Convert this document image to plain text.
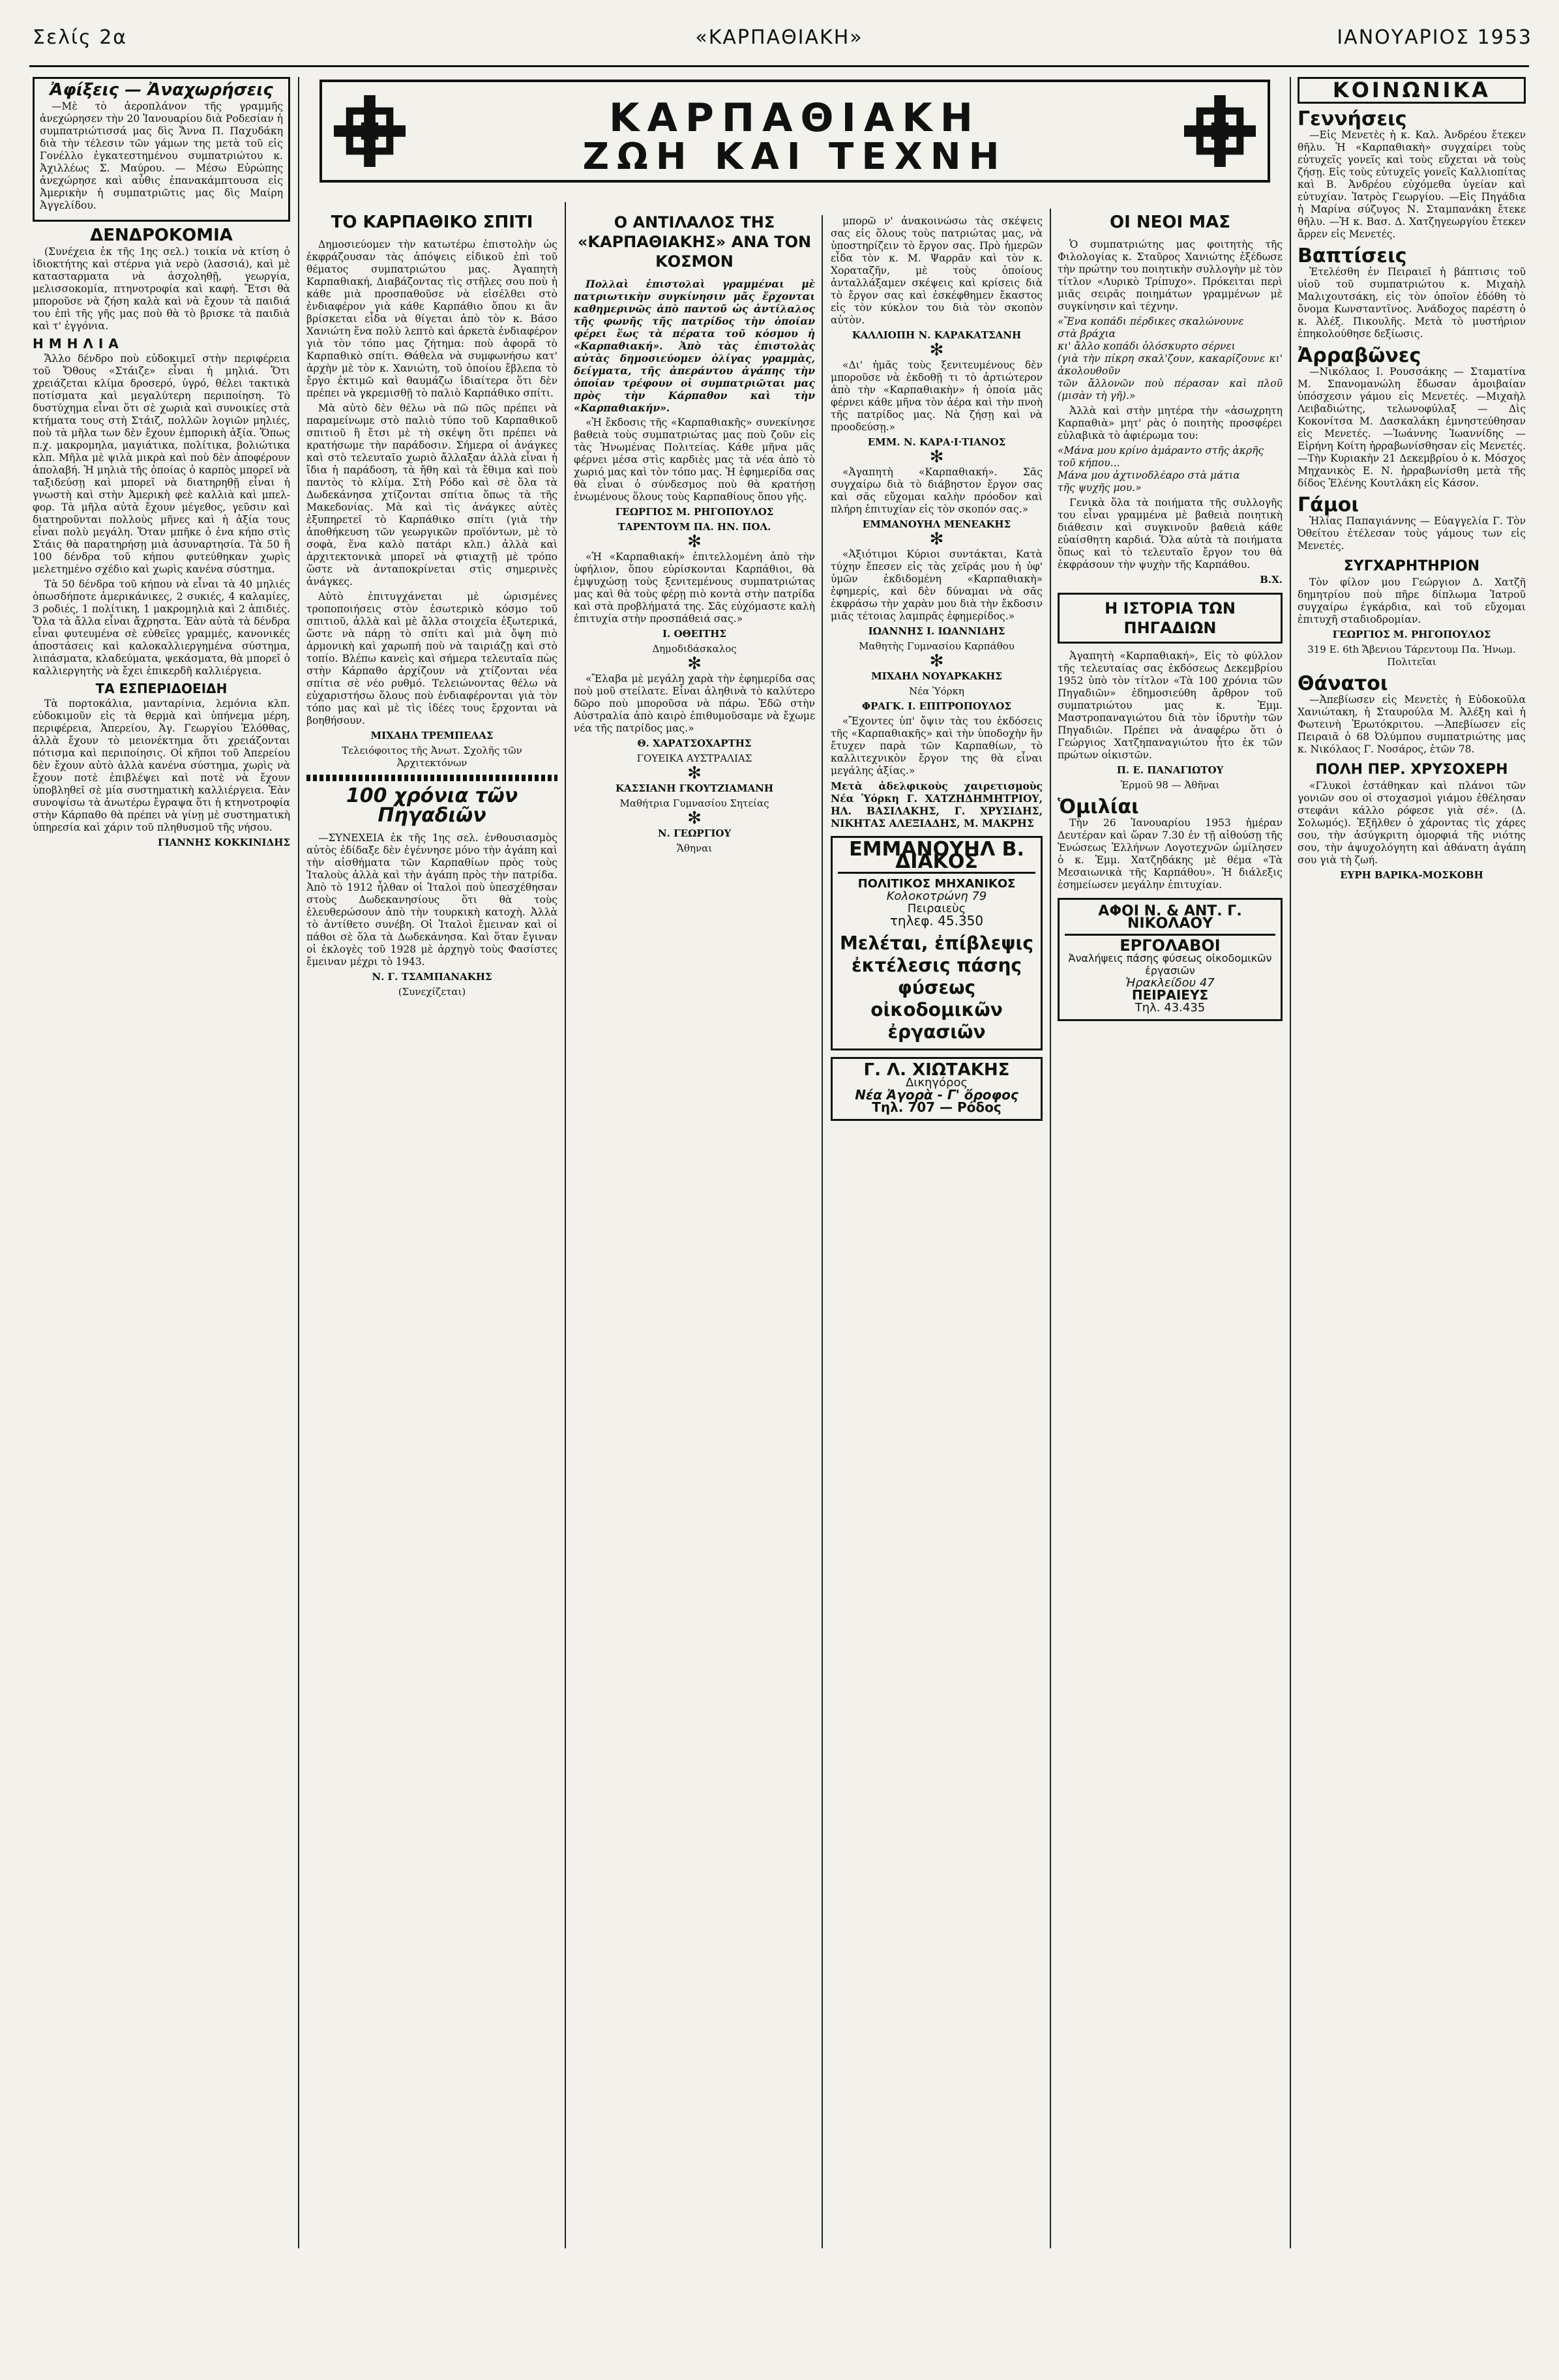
Σελίς 2α	«ΚΑΡΠΑΘΙΑΚΗ»	ΙΑΝΟΥΑΡΙΟΣ 1953
ΚΑΡΠΑΘΙΑΚΗ
ΖΩΗ ΚΑΙ ΤΕΧΝΗ
Ἀφίξεις — Ἀναχωρήσεις

—Μὲ τὸ ἀεροπλάνον τῆς γραμμῆς ἀνεχώρησεν τὴν 20 Ἰανουαρίου διὰ Ροδεσίαν ἡ συμπατριώτισσά μας δὶς Ἄννα Π. Παχυδάκη διὰ τὴν τέλεσιν τῶν γάμων της μετὰ τοῦ εἰς Γονέλλο ἐγκατεστημένου συμπατριώτου κ. Ἀχιλλέως Σ. Μαύρου. — Μέσω Εὐρώπης ἀνεχώρησε καὶ αὖθις ἐπανακάμπτουσα εἰς Ἀμερικὴν ἡ συμπατριῶτις μας δὶς Μαίρη Ἀγγελίδου.

ΔΕΝΔΡΟΚΟΜΙΑ

(Συνέχεια ἐκ τῆς 1ης σελ.) τοικία νὰ κτίση ὁ ἰδιοκτήτης καὶ στέρνα γιὰ νερὸ (λασσιά), καὶ μὲ κατασταρματα νὰ ἀσχοληθῇ, γεωργία, μελισσοκομία, πτηνοτροφία καὶ καφή. Ἔτσι θὰ μποροῦσε νὰ ζήση καλὰ καὶ νὰ ἔχουν τὰ παιδιά του ἐπὶ τῆς γῆς μας ποὺ θὰ τὸ βρισκε τὰ παιδιὰ καὶ τ' ἐγγόνια.

ΗΜΗΛΙΑ

Ἄλλο δένδρο ποὺ εὐδοκιμεῖ στὴν περιφέρεια τοῦ Ὄθους «Στάιζε» εἶναι ἡ μηλιά. Ὅτι χρειάζεται κλίμα δροσερό, ὑγρό, θέλει τακτικὰ ποτίσματα καὶ μεγαλύτερη περιποίηση. Τὸ δυστύχημα εἶναι ὅτι σὲ χωριὰ καὶ συνοικίες στὰ κτήματα τους στὴ Στάιζ, πολλῶν λογιῶν μηλιές, ποὺ τὰ μῆλα των δὲν ἔχουν ἐμπορικὴ ἀξία. Ὅπως π.χ. μακρομηλα, μαγιάτικα, πολίτικα, βολιώτικα κλπ. Μῆλα μὲ ψιλὰ μικρὰ καὶ ποὺ δὲν ἀποφέρουν ἀπολαβή. Ἡ μηλιὰ τῆς ὁποίας ὁ καρπὸς μπορεῖ νὰ ταξιδεύσῃ καὶ μπορεῖ νὰ διατηρηθῇ εἶναι ἡ γνωστὴ καὶ στὴν Ἀμερικὴ φεὲ καλλιὰ καὶ μπελ-φορ. Τὰ μῆλα αὐτὰ ἔχουν μέγεθος, γεῦσιν καὶ διατηροῦνται πολλοὺς μῆνες καὶ ἡ ἀξία τους εἶναι πολὺ μεγάλη. Ὅταν μπῆκε ὁ ἐνα κήπο στὶς Στάις θὰ παρατηρήσῃ μιὰ ἀσυναρτησία. Τὰ 50 ἢ 100 δένδρα τοῦ κήπου φυτεύθηκαν χωρὶς μελετημένο σχέδιο καὶ χωρὶς κανένα σύστημα.

Τὰ 50 δένδρα τοῦ κήπου νὰ εἶναι τὰ 40 μηλιές ὁπωσδήποτε ἀμερικάνικες, 2 συκιές, 4 καλαμίες, 3 ροδιές, 1 πολίτικη, 1 μακρομηλιὰ καὶ 2 ἀπιδιές. Ὅλα τὰ ἄλλα εἶναι ἄχρηστα. Ἐὰν αὐτὰ τὰ δένδρα εἶναι φυτευμένα σὲ εὐθεῖες γραμμές, κανονικές ἀποστάσεις καὶ καλοκαλλιεργημένα σύστημα, λιπάσματα, κλαδεύματα, ψεκάσματα, θὰ μπορεῖ ὁ καλλιεργητὴς νὰ ἔχει ἐπικερδῆ καλλιέργεια.

ΤΑ ΕΣΠΕΡΙΔΟΕΙΔΗ

Τὰ πορτοκάλια, μανταρίνια, λεμόνια κλπ. εὐδοκιμοῦν εἰς τὰ θερμὰ καὶ ὑπήνεμα μέρη, περιφέρεια, Ἀπερείου, Ἀγ. Γεωργίου Ἐλόθθας, ἀλλὰ ἔχουν τὸ μειονέκτημα ὅτι χρειάζονται πότισμα καὶ περιποίησις. Οἱ κῆποι τοῦ Ἀπερείου δὲν ἔχουν αὐτὸ ἀλλὰ κανένα σύστημα, χωρὶς νὰ ἔχουν ποτὲ ἐπιβλέψει καὶ ποτὲ νὰ ἔχουν ὑποβληθεῖ σὲ μία συστηματικὴ καλλιέργεια. Ἐὰν συνοψίσω τὰ ἀνωτέρω ἔγραψα ὅτι ἡ κτηνοτροφία στὴν Κάρπαθο θὰ πρέπει νὰ γίνῃ μὲ συστηματικὴ ὑπηρεσία καὶ χάριν τοῦ πληθυσμοῦ τῆς νήσου.

ΓΙΑΝΝΗΣ ΚΟΚΚΙΝΙΔΗΣ
ΤΟ ΚΑΡΠΑΘΙΚΟ ΣΠΙΤΙ

Δημοσιεύομεν τὴν κατωτέρω ἐπιστολὴν ὡς ἐκφράζουσαν τὰς ἀπόψεις εἰδικοῦ ἐπὶ τοῦ θέματος συμπατριώτου μας. Ἀγαπητὴ Καρπαθιακή, Διαβάζοντας τὶς στῆλες σου ποὺ ἡ κάθε μιὰ προσπαθοῦσε νὰ εἰσέλθει στὸ ἐνδιαφέρον γιὰ κάθε Καρπάθιο ὅπου κι ἂν βρίσκεται εἶδα νὰ θίγεται ἀπὸ τὸν κ. Βάσο Χανιώτη ἕνα πολὺ λεπτὸ καὶ ἀρκετὰ ἐνδιαφέρον γιὰ τὸν τόπο μας ζήτημα: ποὺ ἀφορᾶ τὸ Καρπαθικὸ σπίτι. Θάθελα νὰ συμφωνήσω κατ' ἀρχὴν μὲ τὸν κ. Χανιώτη, τοῦ ὁποίου ἔβλεπα τὸ ἔργο ἐκτιμῶ καὶ θαυμάζω ἰδιαίτερα ὅτι δὲν πρέπει νὰ γκρεμισθῇ τὸ παλιὸ Καρπάθικο σπίτι.

Μὰ αὐτὸ δὲν θέλω νὰ πῶ πῶς πρέπει νὰ παραμείνωμε στὸ παλιὸ τύπο τοῦ Καρπαθικοῦ σπιτιοῦ ἢ ἔτσι μὲ τὴ σκέψη ὅτι πρέπει νὰ κρατήσωμε τὴν παράδοσιν. Σήμερα οἱ ἀνάγκες καὶ στὸ τελευταῖο χωριὸ ἄλλαξαν ἀλλὰ εἶναι ἡ ἴδια ἡ παράδοση, τὰ ἤθη καὶ τὰ ἔθιμα καὶ ποὺ παντὸς τὸ κλίμα. Στὴ Ρόδο καὶ σὲ ὅλα τὰ Δωδεκάνησα χτίζονται σπίτια ὅπως τὰ τῆς Μακεδονίας. Μὰ καὶ τὶς ἀνάγκες αὐτὲς ἐξυπηρετεῖ τὸ Καρπάθικο σπίτι (γιὰ τὴν ἀποθήκευση τῶν γεωργικῶν προϊόντων, μὲ τὸ σοφὰ, ἕνα καλὸ πατάρι κλπ.) ἀλλὰ καὶ ἀρχιτεκτονικὰ μπορεῖ νὰ φτιαχτῇ μὲ τρόπο ὥστε νὰ ἀνταποκρίνεται στὶς σημερινὲς ἀνάγκες.

Αὐτὸ ἐπιτυγχάνεται μὲ ὡρισμένες τροποποιήσεις στὸν ἐσωτερικὸ κόσμο τοῦ σπιτιοῦ, ἀλλὰ καὶ μὲ ἄλλα στοιχεῖα ἐξωτερικά, ὥστε νὰ πάρῃ τὸ σπίτι καὶ μιὰ ὄψη πιὸ ἁρμονικὴ καὶ χαρωπή ποὺ νὰ ταιριάζῃ καὶ στὸ τοπίο. Βλέπω κανεὶς καὶ σήμερα τελευταῖα πὼς στὴν Κάρπαθο ἀρχίζουν νὰ χτίζονται νέα σπίτια σὲ νέο ρυθμό. Τελειώνοντας θέλω νὰ εὐχαριστήσω ὅλους ποὺ ἐνδιαφέρονται γιὰ τὸν τόπο μας καὶ μὲ τὶς ἰδέες τους ἔρχονται νὰ βοηθήσουν.

ΜΙΧΑΗΛ ΤΡΕΜΠΕΛΑΣ
Τελειόφοιτος τῆς Ἀνωτ. Σχολῆς τῶν Ἀρχιτεκτόνων
100 χρόνια τῶν Πηγαδιῶν

—ΣΥΝΕΧΕΙΑ ἐκ τῆς 1ης σελ. ἐνθουσιασμὸς αὐτὸς ἐδίδαξε δὲν ἐγέννησε μόνο τὴν ἀγάπη καὶ τὴν αἰσθήματα τῶν Καρπαθίων πρὸς τοὺς Ἰταλοὺς ἀλλὰ καὶ τὴν ἀγάπη πρὸς τὴν πατρίδα. Ἀπὸ τὸ 1912 ἦλθαν οἱ Ἰταλοὶ ποὺ ὑπεσχέθησαν στοὺς Δωδεκανησίους ὅτι θὰ τοὺς ἐλευθερώσουν ἀπὸ τὴν τουρκικὴ κατοχὴ. Ἀλλὰ τὸ ἀντίθετο συνέβη. Οἱ Ἰταλοὶ ἔμειναν καὶ οἱ πάθοι σὲ ὅλα τὰ Δωδεκάνησα. Καὶ ὅταν ἔγιναν οἱ ἐκλογὲς τοῦ 1928 μὲ ἀρχηγὸ τοὺς Φασίστες ἔμειναν μέχρι τὸ 1943.

Ν. Γ. ΤΣΑΜΠΑΝΑΚΗΣ
(Συνεχίζεται)
Ο ΑΝΤΙΛΑΛΟΣ ΤΗΣ «ΚΑΡΠΑΘΙΑΚΗΣ» ΑΝΑ ΤΟΝ ΚΟΣΜΟΝ

Πολλαὶ ἐπιστολαὶ γραμμέναι μὲ πατριωτικὴν συγκίνησιν μᾶς ἔρχονται καθημερινῶς ἀπὸ παντοῦ ὡς ἀντίλαλος τῆς φωνῆς τῆς πατρίδος τὴν ὁποίαν φέρει ἕως τὰ πέρατα τοῦ κόσμου ἡ «Καρπαθιακή». Ἀπὸ τὰς ἐπιστολὰς αὐτὰς δημοσιεύομεν ὀλίγας γραμμὰς, δείγματα, τῆς ἀπεράντου ἀγάπης τὴν ὁποίαν τρέφουν οἱ συμπατριῶται μας πρὸς τὴν Κάρπαθον καὶ τὴν «Καρπαθιακήν».

«Ἡ ἔκδοσις τῆς «Καρπαθιακῆς» συνεκίνησε βαθειὰ τοὺς συμπατριώτας μας ποὺ ζοῦν εἰς τὰς Ἡνωμένας Πολιτείας. Κάθε μῆνα μᾶς φέρνει μέσα στὶς καρδιὲς μας τὰ νέα ἀπὸ τὸ χωριό μας καὶ τὸν τόπο μας. Ἡ ἐφημερίδα σας θὰ εἶναι ὁ σύνδεσμος ποὺ θὰ κρατήσῃ ἑνωμένους ὅλους τοὺς Καρπαθίους ὅπου γῆς.

ΓΕΩΡΓΙΟΣ Μ. ΡΗΓΟΠΟΥΛΟΣ
ΤΑΡΕΝΤΟΥΜ ΠΑ. ΗΝ. ΠΟΛ.
✻

«Ἡ «Καρπαθιακή» ἐπιτελλομένη ἀπὸ τὴν ὑφήλιον, ὅπου εὑρίσκονται Καρπάθιοι, θὰ ἐμψυχώσῃ τοὺς ξενιτεμένους συμπατριώτας μας καὶ θὰ τοὺς φέρῃ πιὸ κοντὰ στὴν πατρίδα καὶ στὰ προβλήματά της. Σᾶς εὐχόμαστε καλὴ ἐπιτυχία στὴν προσπάθειά σας.»

Ι. ΟΘΕΙΤΗΣ
Δημοδιδάσκαλος
✻

«Ἔλαβα μὲ μεγάλη χαρὰ τὴν ἐφημερίδα σας ποὺ μοῦ στείλατε. Εἶναι ἀληθινὰ τὸ καλύτερο δῶρο ποὺ μποροῦσα νὰ πάρω. Ἐδῶ στὴν Αὐστραλία ἀπὸ καιρὸ ἐπιθυμοῦσαμε νὰ ἔχωμε νέα τῆς πατρίδος μας.»

Θ. ΧΑΡΑΤΣΟΧΑΡΤΗΣ
ΓΟΥΕΙΚΑ ΑΥΣΤΡΑΛΙΑΣ
✻
ΚΑΣΣΙΑΝΗ ΓΚΟΥΤΖΙΑΜΑΝΗ
Μαθήτρια Γυμνασίου Σητείας
✻
Ν. ΓΕΩΡΓΙΟΥ
Ἄθηναι

μπορῶ ν' ἀνακοινώσω τὰς σκέψεις σας εἰς ὅλους τοὺς πατριώτας μας, νὰ ὑποστηρίζειν τὸ ἔργον σας. Πρὸ ἡμερῶν εἶδα τὸν κ. Μ. Ψαρρᾶν καὶ τὸν κ. Χοραταζῆν, μὲ τοὺς ὁποίους ἀνταλλάξαμεν σκέψεις καὶ κρίσεις διὰ τὸ ἔργον σας καὶ ἐσκέφθημεν ἔκαστος εἰς τὸν κύκλον του διὰ τὸν σκοπὸν αὐτὸν.

ΚΑΛΛΙΟΠΗ Ν. ΚΑΡΑΚΑΤΣΑΝΗ
✻

«Δι' ἡμᾶς τοὺς ξενιτευμένους δὲν μποροῦσε νὰ ἐκδοθῇ τι τὸ ἀρτιώτερον ἀπὸ τὴν «Καρπαθιακὴν» ἡ ὁποία μᾶς φέρνει κάθε μῆνα τὸν ἀέρα καὶ τὴν πνοὴ τῆς πατρίδος μας. Νὰ ζήσῃ καὶ νὰ προοδεύσῃ.»

ΕΜΜ. Ν. ΚΑΡΑ·Ι·ΤΙΑΝΟΣ
✻

«Ἀγαπητὴ «Καρπαθιακή». Σᾶς συγχαίρω διὰ τὸ διάβηστον ἔργον σας καὶ σᾶς εὔχομαι καλὴν πρόοδον καὶ πλήρη ἐπιτυχίαν εἰς τὸν σκοπόν σας.»

ΕΜΜΑΝΟΥΗΛ ΜΕΝΕΑΚΗΣ
✻

«Ἀξιότιμοι Κύριοι συντάκται, Κατὰ τύχην ἔπεσεν εἰς τὰς χεῖράς μου ἡ ὑφ' ὑμῶν ἐκδιδομένη «Καρπαθιακὴ» ἐφημερίς, καὶ δὲν δύναμαι νὰ σᾶς ἐκφράσω τὴν χαρὰν μου διὰ τὴν ἔκδοσιν μιᾶς τέτοιας λαμπρᾶς ἐφημερίδος.»

ΙΩΑΝΝΗΣ Ι. ΙΩΑΝΝΙΔΗΣ
Μαθητὴς Γυμνασίου Καρπάθου
✻
ΜΙΧΑΗΛ ΝΟΥΑΡΚΑΚΗΣ
Νέα Ὑόρκη
ΦΡΑΓΚ. Ι. ΕΠΙΤΡΟΠΟΥΛΟΣ

«Ἔχοντες ὑπ' ὄψιν τὰς του ἐκδόσεις τῆς «Καρπαθιακῆς» καὶ τὴν ὑποδοχὴν ἣν ἔτυχεν παρὰ τῶν Καρπαθίων, τὸ καλλιτεχνικὸν ἔργον της θὰ εἶναι μεγάλης ἀξίας.»

Μετὰ ἀδελφικοὺς χαιρετισμοὺς Νέα Ὑόρκη Γ. ΧΑΤΖΗΔΗΜΗΤΡΙΟΥ, ΗΛ. ΒΑΣΙΛΑΚΗΣ, Γ. ΧΡΥΣΙΔΗΣ, ΝΙΚΗΤΑΣ ΑΛΕΞΙΑΔΗΣ, Μ. ΜΑΚΡΗΣ

ΕΜΜΑΝΟΥΗΛ Β. ΔΙΑΚΟΣ
ΠΟΛΙΤΙΚΟΣ ΜΗΧΑΝΙΚΟΣ
Κολοκοτρώνη 79
Πειραιεὺς
τηλεφ. 45.350
Μελέται, ἐπίβλεψις ἐκτέλεσις πάσης φύσεως οἰκοδομικῶν ἐργασιῶν
Γ. Λ. ΧΙΩΤΑΚΗΣ
Δικηγόρος
Νέα Ἀγορὰ - Γ' ὄροφος
Τηλ. 707 — Ρόδος
ΟΙ ΝΕΟΙ ΜΑΣ

Ὁ συμπατριώτης μας φοιτητὴς τῆς Φιλολογίας κ. Σταῦρος Χανιώτης ἐξέδωσε τὴν πρώτην του ποιητικὴν συλλογὴν μὲ τὸν τίτλον «Λυρικὸ Τρίπυχο». Πρόκειται περὶ μιᾶς σειρᾶς ποιημάτων γραμμένων μὲ συγκίνησιν καὶ τέχνην.

«Ἕνα κοπάδι πέρδικες σκαλώνουνε
στὰ βράχια
κι' ἄλλο κοπάδι ὁλόσκυρτο σέρνει
(γιὰ τὴν πίκρη σκαλ'ζουν, κακαρίζουνε κι' ἀκολουθοῦν
τῶν ἄλλονῶν ποὺ πέρασαν καὶ πλοῦ (μισὰν τὴ γῆ).»

Ἀλλὰ καὶ στὴν μητέρα τὴν «ἀσωχρητη Καρπαθιὰ» μητ' ρὰς ὁ ποιητὴς προσφέρει εὐλαβικὰ τὸ ἀφιέρωμα του:

«Μάνα μου κρίνο ἀμάραντο στῆς ἀκρῆς
τοῦ κήπου...
Μάνα μου ἀχτινοδλέαρο στὰ μάτια
τῆς ψυχῆς μου.»

Γενικὰ ὅλα τὰ ποιήματα τῆς συλλογῆς του εἶναι γραμμένα μὲ βαθειὰ ποιητικὴ διάθεσιν καὶ συγκινοῦν βαθειὰ κάθε εὐαίσθητη καρδιά. Ὅλα αὐτὰ τὰ ποιήματα ὅπως καὶ τὸ τελευταῖο ἔργον του θὰ ἐκφράσουν τὴν ψυχὴν τῆς Καρπάθου.

Β.Χ.
Η ΙΣΤΟΡΙΑ ΤΩΝ ΠΗΓΑΔΙΩΝ

Ἀγαπητὴ «Καρπαθιακή», Εἰς τὸ φύλλον τῆς τελευταίας σας ἐκδόσεως Δεκεμβρίου 1952 ὑπὸ τὸν τίτλον «Τὰ 100 χρόνια τῶν Πηγαδιῶν» ἐδημοσιεύθη ἄρθρον τοῦ συμπατριώτου μας κ. Ἐμμ. Μαστροπαναγιώτου διὰ τὸν ἰδρυτὴν τῶν Πηγαδιῶν. Πρέπει νὰ ἀναφέρω ὅτι ὁ Γεώργιος Χατζηπαναγιώτου ἦτο ἐκ τῶν πρώτων οἰκιστῶν.

Π. Ε. ΠΑΝΑΓΙΩΤΟΥ
Ἐρμοῦ 98 — Ἀθῆναι
Ὁμιλίαι

Τὴν 26 Ἰανουαρίου 1953 ἡμέραν Δευτέραν καὶ ὥραν 7.30 ἐν τῇ αἰθούσῃ τῆς Ἑνώσεως Ἑλλήνων Λογοτεχνῶν ὡμίλησεν ὁ κ. Ἐμμ. Χατζηδάκης μὲ θέμα «Τὰ Μεσαιωνικὰ τῆς Καρπάθου». Ἡ διάλεξις ἐσημείωσεν μεγάλην ἐπιτυχίαν.

ΑΦΟΙ Ν. & ΑΝΤ. Γ. ΝΙΚΟΛΑΟΥ
ΕΡΓΟΛΑΒΟΙ
Ἀναλήψεις πάσης φύσεως οἰκοδομικῶν ἐργασιῶν
Ἡρακλείδου 47
ΠΕΙΡΑΙΕΥΣ
Τηλ. 43.435
ΚΟΙΝΩΝΙΚΑ
Γεννήσεις

—Εἰς Μενετὲς ἡ κ. Καλ. Ἀνδρέου ἔτεκεν θῆλυ. Ἡ «Καρπαθιακὴ» συγχαίρει τοὺς εὐτυχεῖς γονεῖς καὶ τοὺς εὔχεται νὰ τοὺς ζήσῃ. Εἰς τοὺς εὐτυχεῖς γονεῖς Καλλιοπίτας καὶ Β. Ἀνδρέου εὐχόμεθα ὑγείαν καὶ εὐτυχίαν. Ἰατρὸς Γεωργίου. —Εἰς Πηγάδια ἡ Μαρίνα σύζυγος Ν. Σταμπανάκη ἔτεκε θῆλυ. —Ἡ κ. Βασ. Δ. Χατζηγεωργίου ἔτεκεν ἄρρεν εἰς Μενετές.

Βαπτίσεις

Ἐτελέσθη ἐν Πειραιεῖ ἡ βάπτισις τοῦ υἱοῦ τοῦ συμπατριώτου κ. Μιχαὴλ Μαλιχουτσάκη, εἰς τὸν ὁποῖον ἐδόθη τὸ ὄνομα Κωνσταντῖνος. Ἀνάδοχος παρέστη ὁ κ. Ἀλέξ. Πικουλῆς. Μετὰ τὸ μυστήριον ἐπηκολούθησε δεξίωσις.

Ἀρραβῶνες

—Νικόλαος Ι. Ρουσσάκης — Σταματίνα Μ. Σπανομανώλη ἔδωσαν ἀμοιβαίαν ὑπόσχεσιν γάμου εἰς Μενετές. —Μιχαὴλ Λειβαδιώτης, τελωνοφύλαξ — Δὶς Κοκονίτσα Μ. Δασκαλάκη ἐμνηστεύθησαν εἰς Μενετές. —Ἰωάννης Ἰωαννίδης — Εἰρήνη Κοίτη ἠρραβωνίσθησαν εἰς Μενετές. —Τὴν Κυριακὴν 21 Δεκεμβρίου ὁ κ. Μόσχος Μηχανικὸς Ε. Ν. ἠρραβωνίσθη μετὰ τῆς δίδος Ἑλένης Κουτλάκη εἰς Κάσον.

Γάμοι

Ἡλίας Παπαγιάννης — Εὐαγγελία Γ. Τὸν Ὀθείτου ἐτέλεσαν τοὺς γάμους των εἰς Μενετές.

ΣΥΓΧΑΡΗΤΗΡΙΟΝ

Τὸν φίλον μου Γεώργιον Δ. Χατζῆ δημητρίου ποὺ πῆρε δίπλωμα Ἰατροῦ συγχαίρω ἐγκάρδια, καὶ τοῦ εὔχομαι ἐπιτυχῆ σταδιοδρομίαν.

ΓΕΩΡΓΙΟΣ Μ. ΡΗΓΟΠΟΥΛΟΣ
319 Ε. 6th Ἄβενιου Τάρεντουμ Πα. Ἡνωμ. Πολιτεῖαι
Θάνατοι

—Ἀπεβίωσεν εἰς Μενετὲς ἡ Εὐδοκοῦλα Χανιώτακη, ἡ Σταυρούλα Μ. Ἀλέξη καὶ ἡ Φωτεινὴ Ἐρωτόκριτου. —Ἀπεβίωσεν εἰς Πειραιᾶ ὁ 68 Ὀλύμπου συμπατριώτης μας κ. Νικόλαος Γ. Νοσάρος, ἐτῶν 78.

ΠΟΛΗ ΠΕΡ. ΧΡΥΣΟΧΕΡΗ

«Γλυκοὶ ἐστάθηκαν καὶ πλάνοι τῶν γονιῶν σου οἱ στοχασμοὶ γιάμου ἐθέλησαν στεφάνι κάλλο ρόφεσε γιὰ σέ». (Δ. Σολωμός). Ἐξῆλθεν ὁ χάροντας τὶς χάρες σου, τὴν ἀσύγκριτη ὀμορφιά τῆς νιότης σου, τὴν ἀψυχολόγητη καὶ ἀθάνατη ἀγάπη σου γιὰ τὴ ζωή.

ΕΥΡΗ ΒΑΡΙΚΑ-ΜΟΣΚΟΒΗ
